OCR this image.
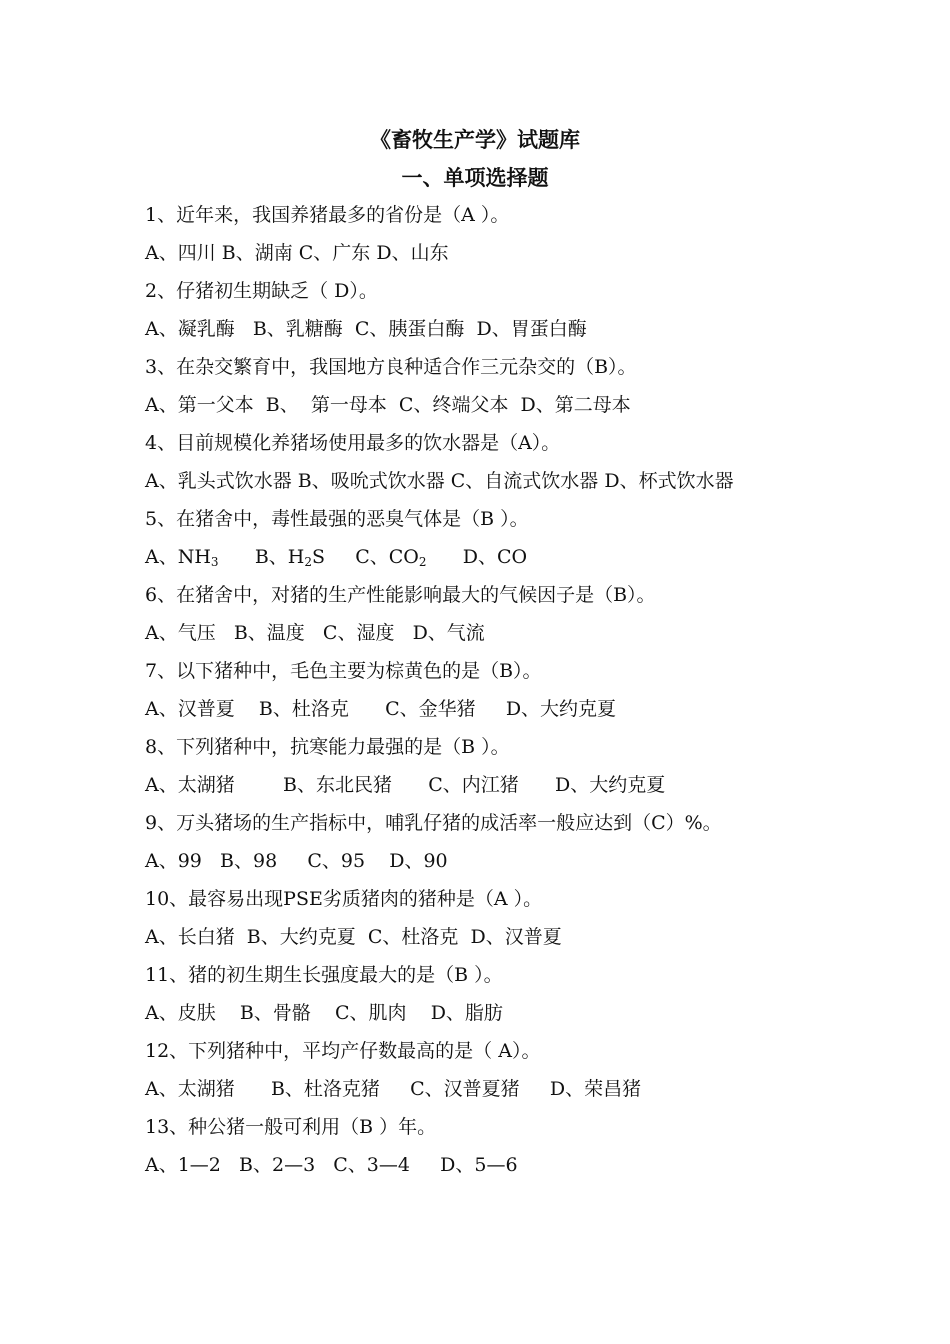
《畜牧生产学》试题库
一、单项选择题
1、近年来，我国养猪最多的省份是（A ）。
A、四川 B、湖南 C、广东 D、山东
2、仔猪初生期缺乏（ D）。
A、凝乳酶   B、乳糖酶  C、胰蛋白酶  D、胃蛋白酶
3、在杂交繁育中，我国地方良种适合作三元杂交的（B）。
A、第一父本  B、  第一母本  C、终端父本  D、第二母本
4、目前规模化养猪场使用最多的饮水器是（A）。
A、乳头式饮水器 B、吸吮式饮水器 C、自流式饮水器 D、杯式饮水器
5、在猪舍中，毒性最强的恶臭气体是（B ）。
A、$NH_3$ B、$H_2S$ C、$CO_2$ D、CO
6、在猪舍中，对猪的生产性能影响最大的气候因子是（B）。
A、气压   B、温度   C、湿度   D、气流
7、以下猪种中，毛色主要为棕黄色的是（B）。
A、汉普夏    B、杜洛克      C、金华猪     D、大约克夏
8、下列猪种中，抗寒能力最强的是（B ）。
A、太湖猪        B、东北民猪      C、内江猪      D、大约克夏
9、万头猪场的生产指标中，哺乳仔猪的成活率一般应达到（C）%。
A、99   B、98     C、95    D、90
10、最容易出现PSE劣质猪肉的猪种是（A ）。
A、长白猪  B、大约克夏  C、杜洛克  D、汉普夏
11、猪的初生期生长强度最大的是（B ）。
A、皮肤    B、骨骼    C、肌肉    D、脂肪
12、下列猪种中，平均产仔数最高的是（ A）。
A、太湖猪      B、杜洛克猪     C、汉普夏猪     D、荣昌猪
13、种公猪一般可利用（B ）年。
A、1—2   B、2—3   C、3—4     D、5—6
